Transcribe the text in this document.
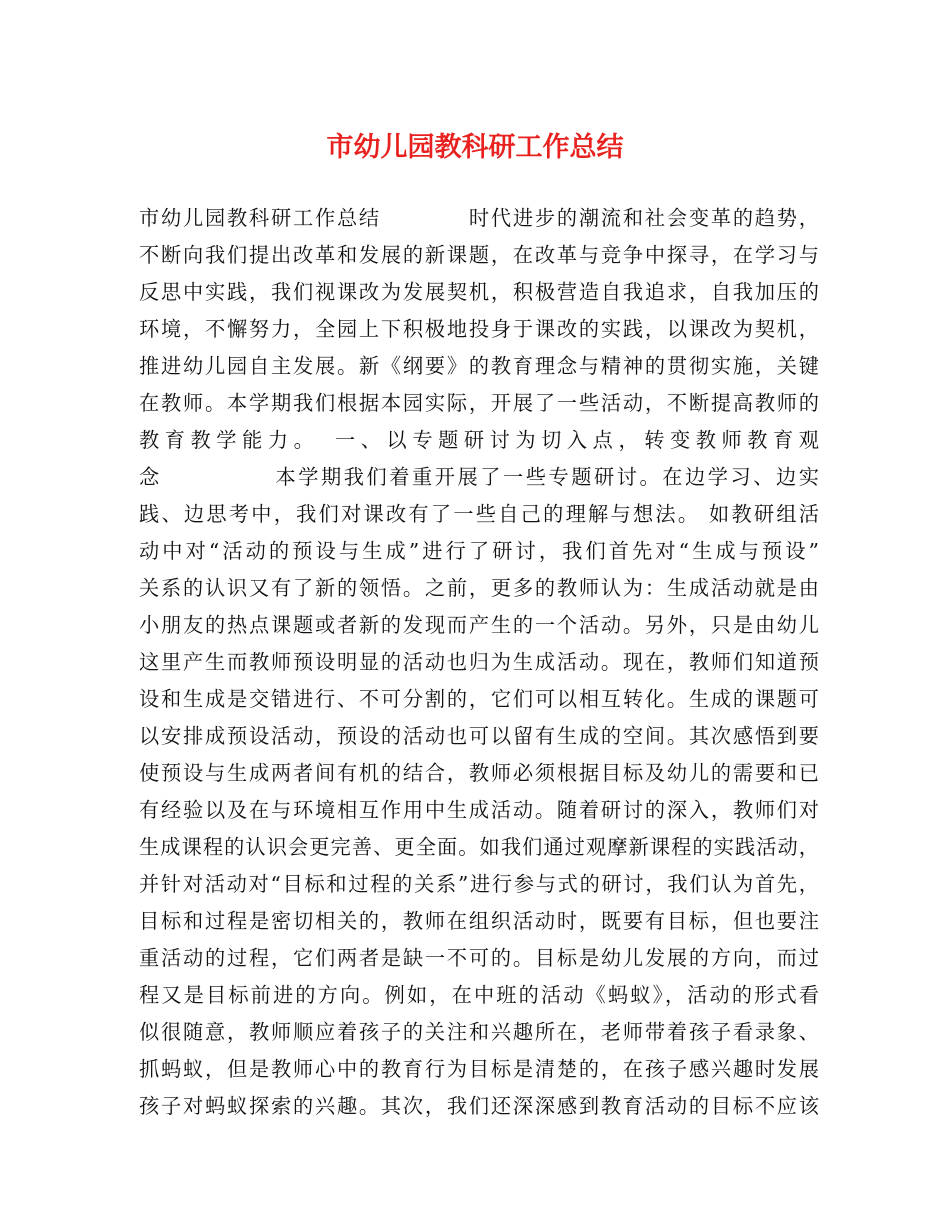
市幼儿园教科研工作总结
市幼儿园教科研工作总结　　　　时代进步的潮流和社会变革的趋势，
不断向我们提出改革和发展的新课题，在改革与竞争中探寻，在学习与
反思中实践，我们视课改为发展契机，积极营造自我追求，自我加压的
环境，不懈努力，全园上下积极地投身于课改的实践，以课改为契机，
推进幼儿园自主发展。新《纲要》的教育理念与精神的贯彻实施，关键
在教师。本学期我们根据本园实际，开展了一些活动，不断提高教师的
教育教学能力。　一、以专题研讨为切入点，转变教师教育观
念　　　　　本学期我们着重开展了一些专题研讨。在边学习、边实
践、边思考中，我们对课改有了一些自己的理解与想法。 如教研组活
动中对“活动的预设与生成”进行了研讨，我们首先对“生成与预设”
关系的认识又有了新的领悟。之前，更多的教师认为：生成活动就是由
小朋友的热点课题或者新的发现而产生的一个活动。另外，只是由幼儿
这里产生而教师预设明显的活动也归为生成活动。现在，教师们知道预
设和生成是交错进行、不可分割的，它们可以相互转化。生成的课题可
以安排成预设活动，预设的活动也可以留有生成的空间。其次感悟到要
使预设与生成两者间有机的结合，教师必须根据目标及幼儿的需要和已
有经验以及在与环境相互作用中生成活动。随着研讨的深入，教师们对
生成课程的认识会更完善、更全面。如我们通过观摩新课程的实践活动，
并针对活动对“目标和过程的关系”进行参与式的研讨，我们认为首先，
目标和过程是密切相关的，教师在组织活动时，既要有目标，但也要注
重活动的过程，它们两者是缺一不可的。目标是幼儿发展的方向，而过
程又是目标前进的方向。例如，在中班的活动《蚂蚁》，活动的形式看
似很随意，教师顺应着孩子的关注和兴趣所在，老师带着孩子看录象、
抓蚂蚁，但是教师心中的教育行为目标是清楚的，在孩子感兴趣时发展
孩子对蚂蚁探索的兴趣。其次，我们还深深感到教育活动的目标不应该
